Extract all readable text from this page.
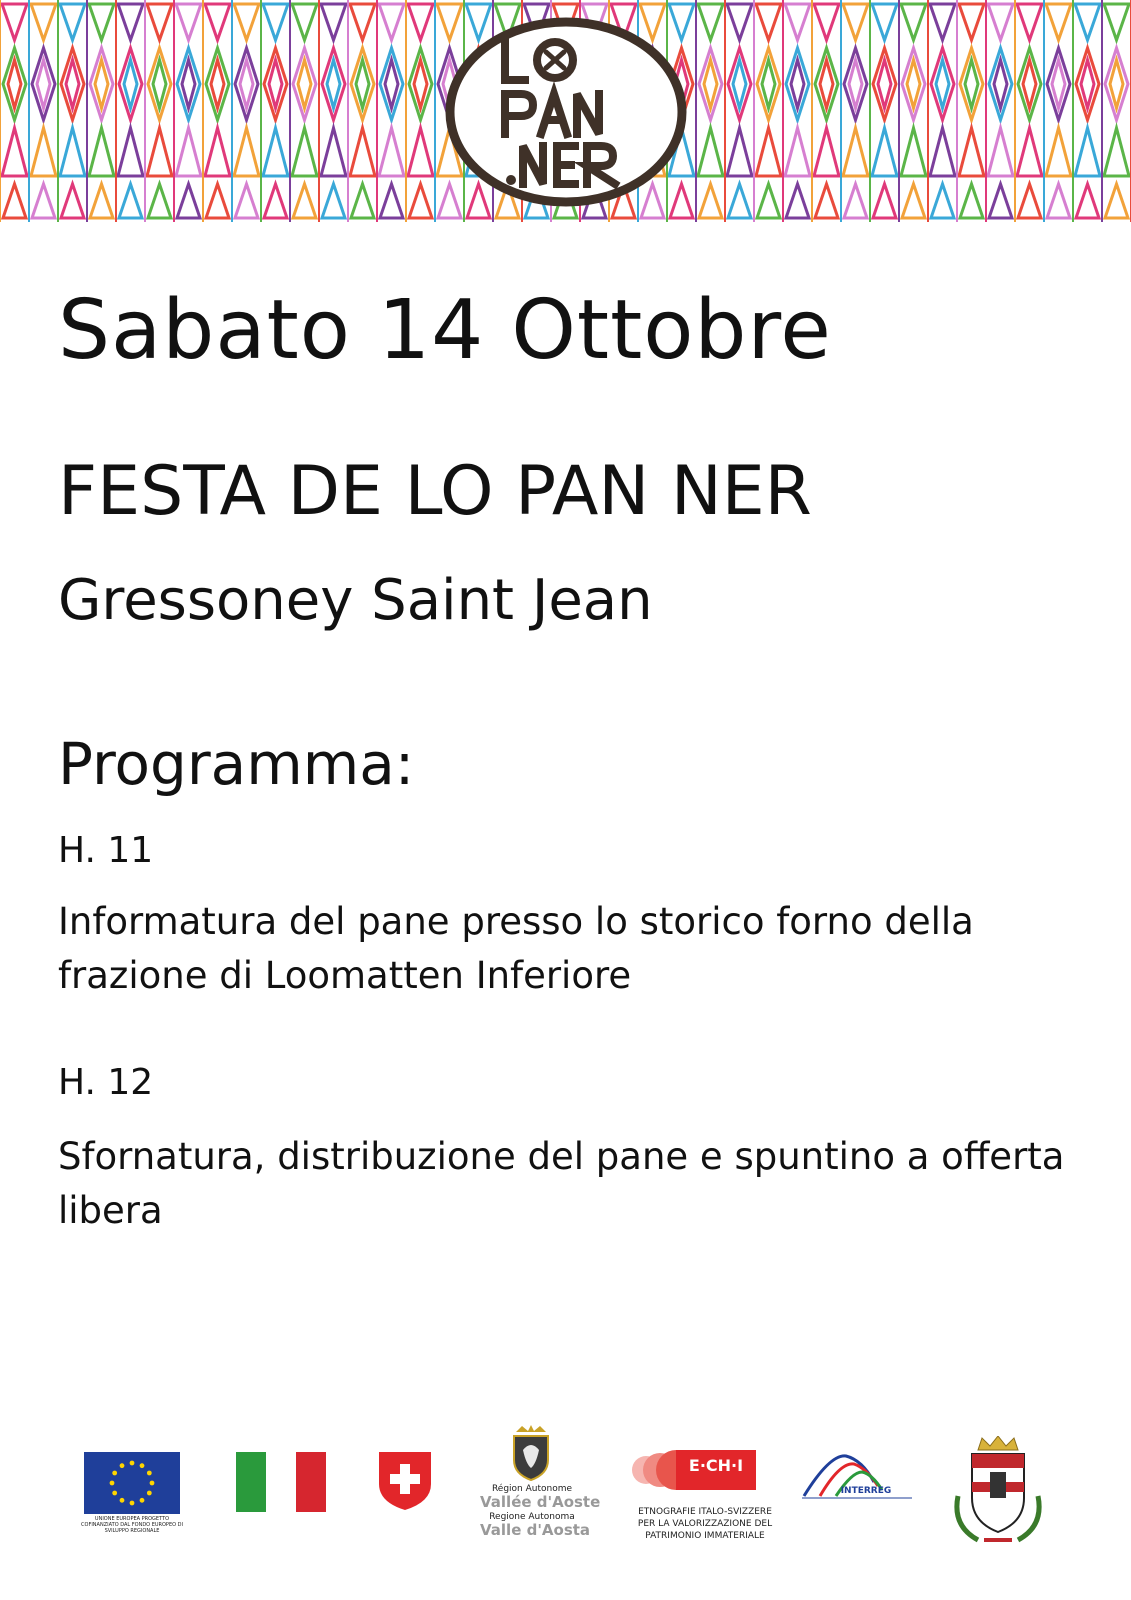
Sabato 14 Ottobre
FESTA DE LO PAN NER
Gressoney Saint Jean
Programma:
H. 11
Informatura del pane presso lo storico forno della frazione di Loomatten Inferiore
H. 12
Sfornatura, distribuzione del pane e spuntino a offerta libera
UNIONE EUROPEA PROGETTO COFINANZIATO DAL FONDO EUROPEO DI SVILUPPO REGIONALE
Région Autonome
Vallée d'Aoste
Regione Autonoma
Valle d'Aosta
E·CH·I
ETNOGRAFIE ITALO-SVIZZERE PER LA VALORIZZAZIONE DEL PATRIMONIO IMMATERIALE
INTERREG
